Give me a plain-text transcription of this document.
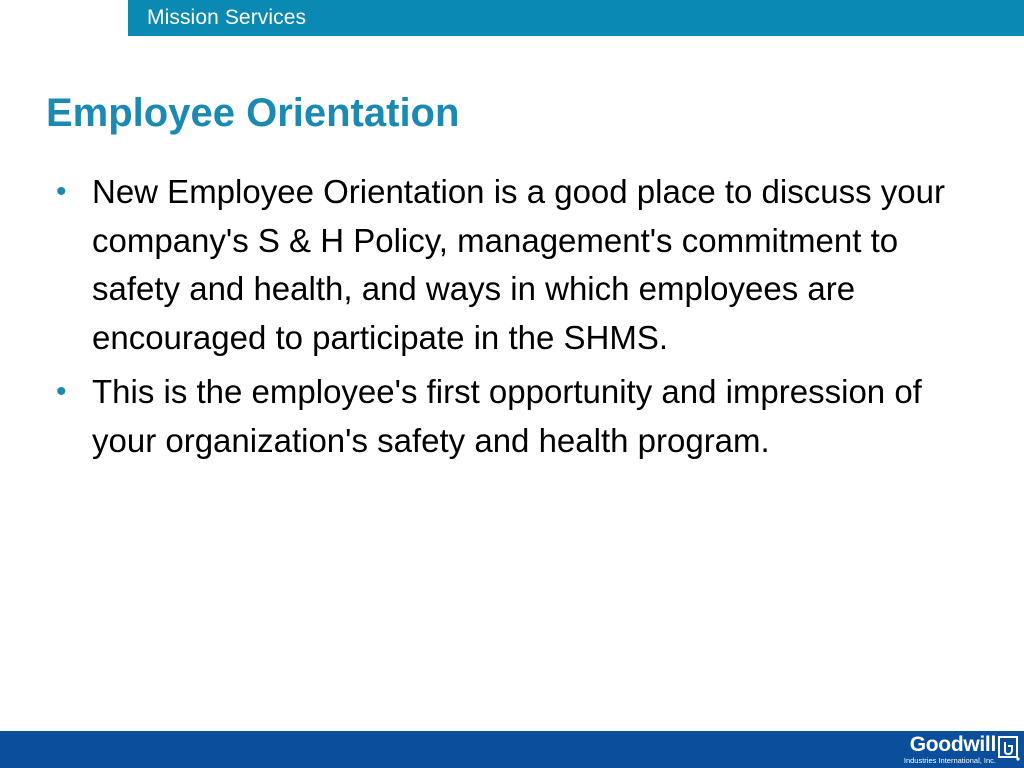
Mission Services
Employee Orientation
• New Employee Orientation is a good place to discuss your company's S & H Policy, management's commitment to safety and health, and ways in which employees are encouraged to participate in the SHMS.
• This is the employee's first opportunity and impression of your organization's safety and health program.
Goodwill
Industries International, Inc.
